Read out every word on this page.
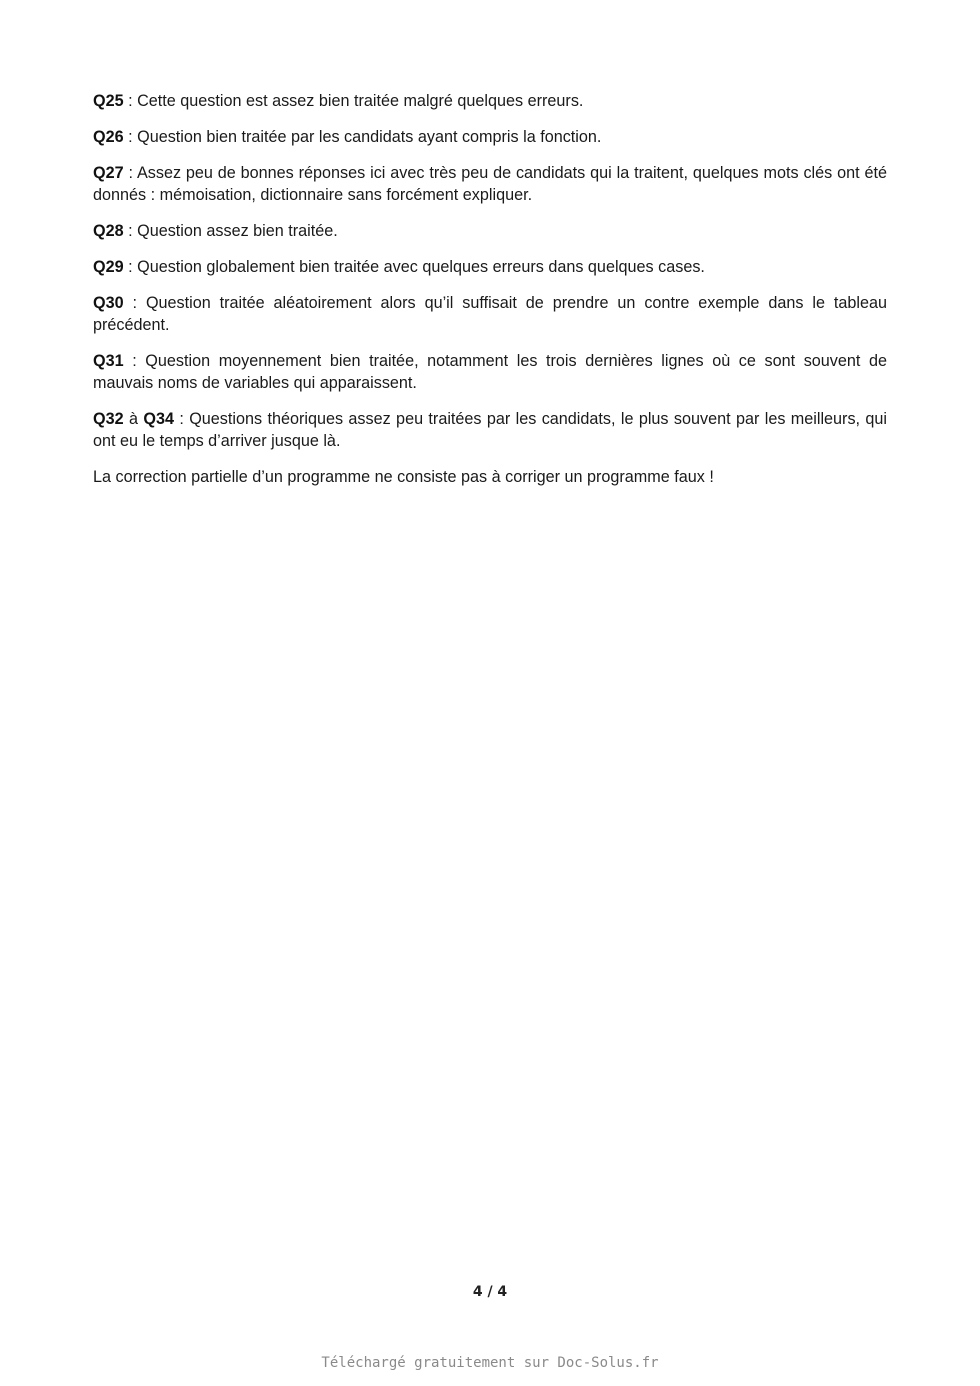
Q25 : Cette question est assez bien traitée malgré quelques erreurs.

Q26 : Question bien traitée par les candidats ayant compris la fonction.

Q27 : Assez peu de bonnes réponses ici avec très peu de candidats qui la traitent, quelques mots clés ont été donnés : mémoisation, dictionnaire sans forcément expliquer.

Q28 : Question assez bien traitée.

Q29 : Question globalement bien traitée avec quelques erreurs dans quelques cases.

Q30 : Question traitée aléatoirement alors qu’il suffisait de prendre un contre exemple dans le tableau précédent.

Q31 : Question moyennement bien traitée, notamment les trois dernières lignes où ce sont souvent de mauvais noms de variables qui apparaissent.

Q32 à Q34 : Questions théoriques assez peu traitées par les candidats, le plus souvent par les meilleurs, qui ont eu le temps d’arriver jusque là.

La correction partielle d’un programme ne consiste pas à corriger un programme faux !

4 / 4
Téléchargé gratuitement sur Doc-Solus.fr
